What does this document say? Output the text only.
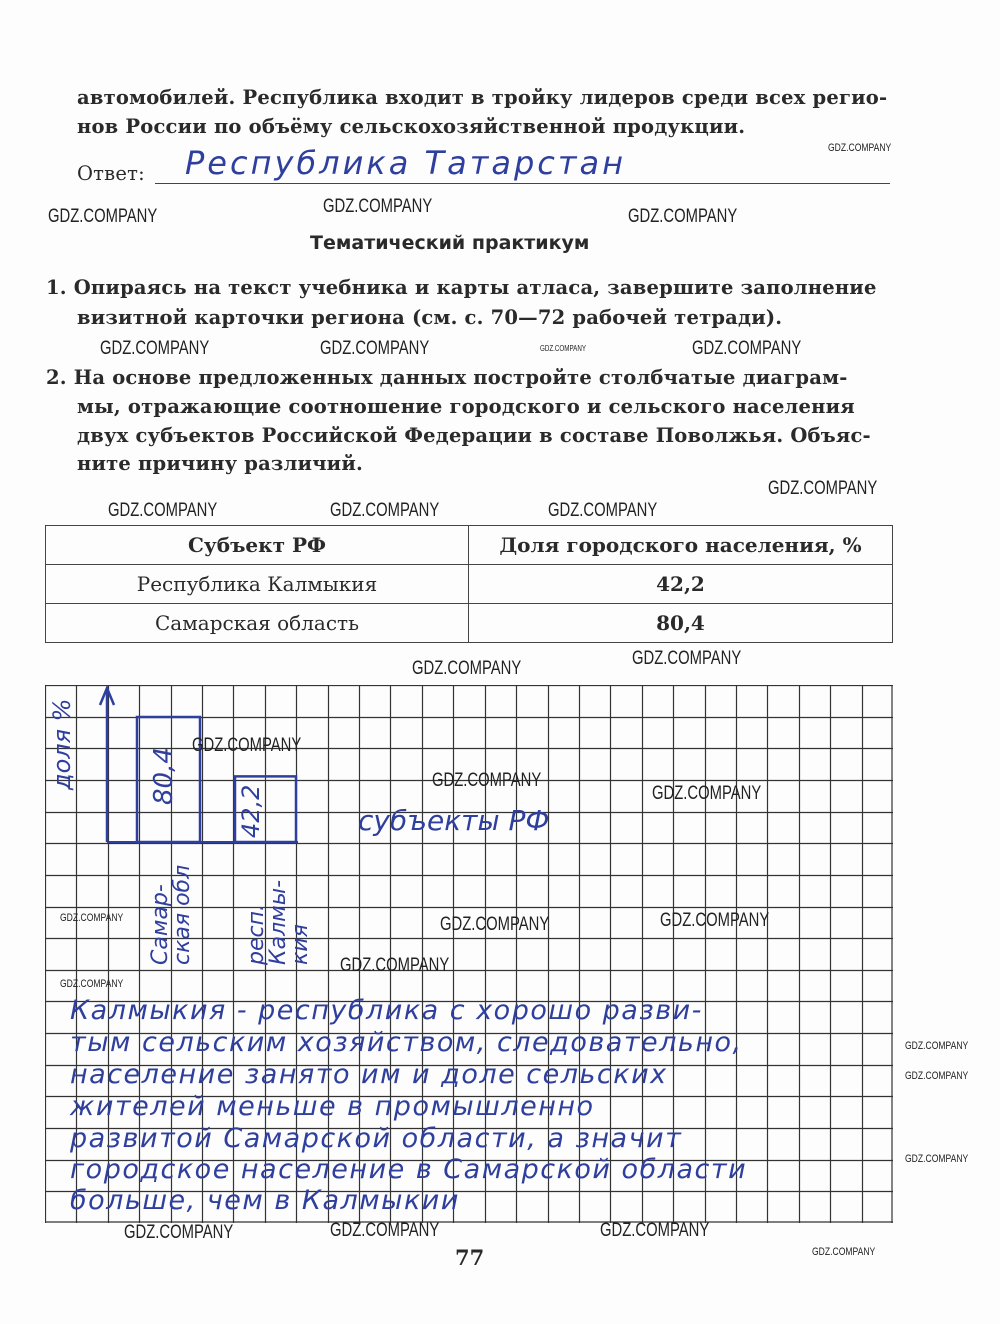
автомобилей. Республика входит в тройку лидеров среди всех регио-
нов России по объёму сельскохозяйственной продукции.
Ответ: Республика Татарстан
Тематический практикум
1. Опираясь на текст учебника и карты атласа, завершите заполнение
визитной карточки региона (см. с. 70—72 рабочей тетради).
2. На основе предложенных данных постройте столбчатые диаграм-
мы, отражающие соотношение городского и сельского населения
двух субъектов Российской Федерации в составе Поволжья. Объяс-
ните причину различий.
Субъект РФ	Доля городского населения, %
Республика Калмыкия	42,2
Самарская область	80,4
доля %
субъекты РФ
Самар-ская обл респ. Калмы-кия
80,4
42,2
Калмыкия - республика с хорошо разви-
тым сельским хозяйством, следовательно,
население занято им и доле сельских
жителей меньше в промышленно
развитой Самарской области, а значит
городское население в Самарской области
больше, чем в Калмыкии
77
GDZ.COMPANY
GDZ.COMPANY	GDZ.COMPANY	GDZ.COMPANY
GDZ.COMPANY	GDZ.COMPANY	GDZ.COMPANY	GDZ.COMPANY
GDZ.COMPANY
GDZ.COMPANY	GDZ.COMPANY
GDZ.COMPANY
GDZ.COMPANY
GDZ.COMPANY
GDZ.COMPANY
GDZ.COMPANY
GDZ.COMPANY
GDZ.COMPANY	GDZ.COMPANY	GDZ.COMPANY
GDZ.COMPANY
GDZ.COMPANY
GDZ.COMPANY
GDZ.COMPANY
GDZ.COMPANY
GDZ.COMPANY
GDZ.COMPANY
GDZ.COMPANY
GDZ.COMPANY
